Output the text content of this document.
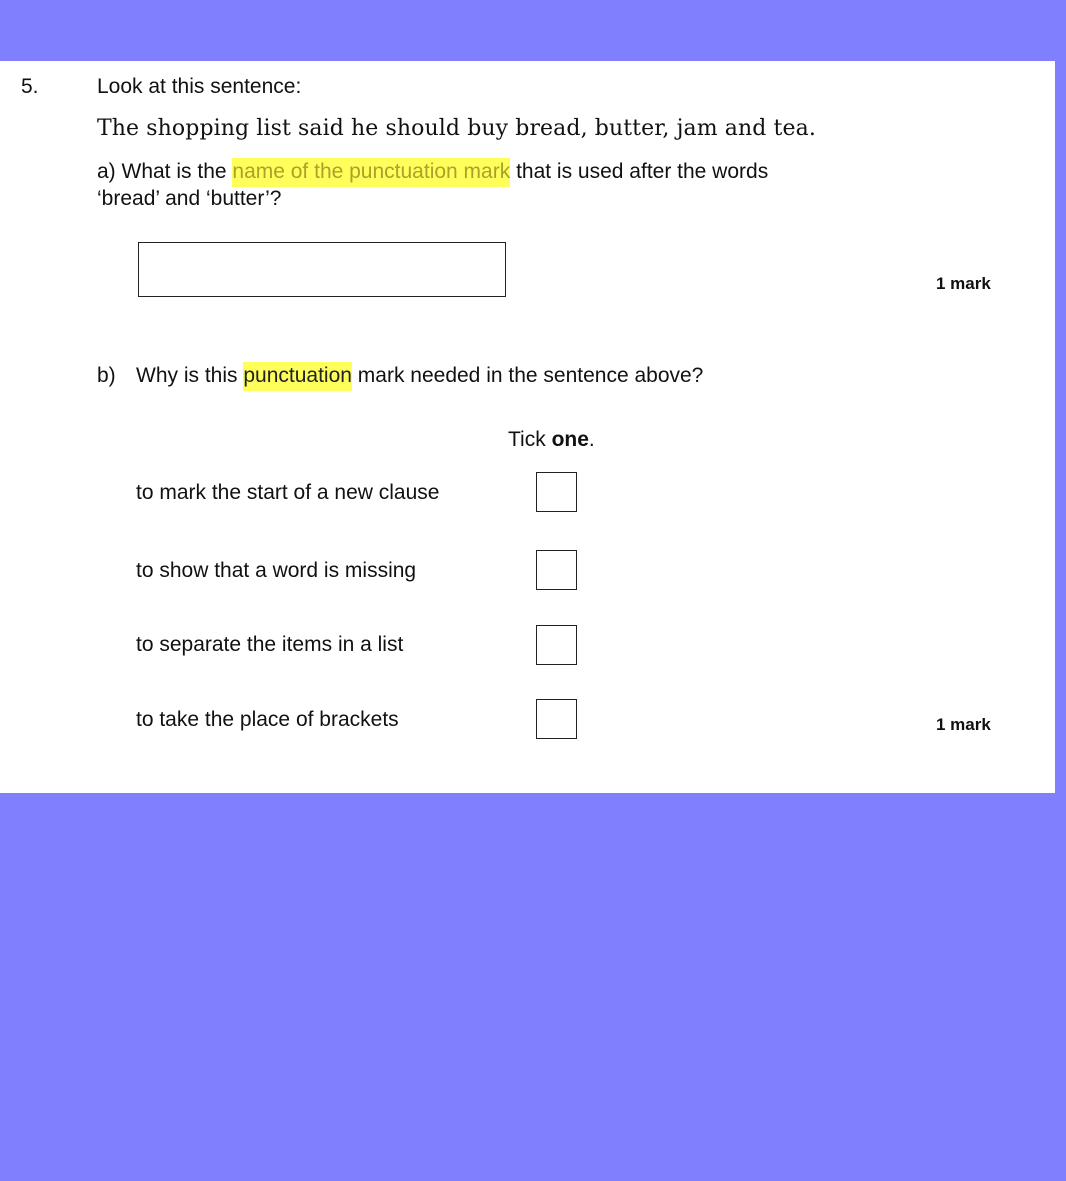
5.	Look at this sentence:
The shopping list said he should buy bread, butter, jam and tea.
a) What is the name of the punctuation mark that is used after the words
‘bread’ and ‘butter’?
1 mark
b) Why is this punctuation mark needed in the sentence above?
Tick one.
to mark the start of a new clause
to show that a word is missing
to separate the items in a list
to take the place of brackets	1 mark
